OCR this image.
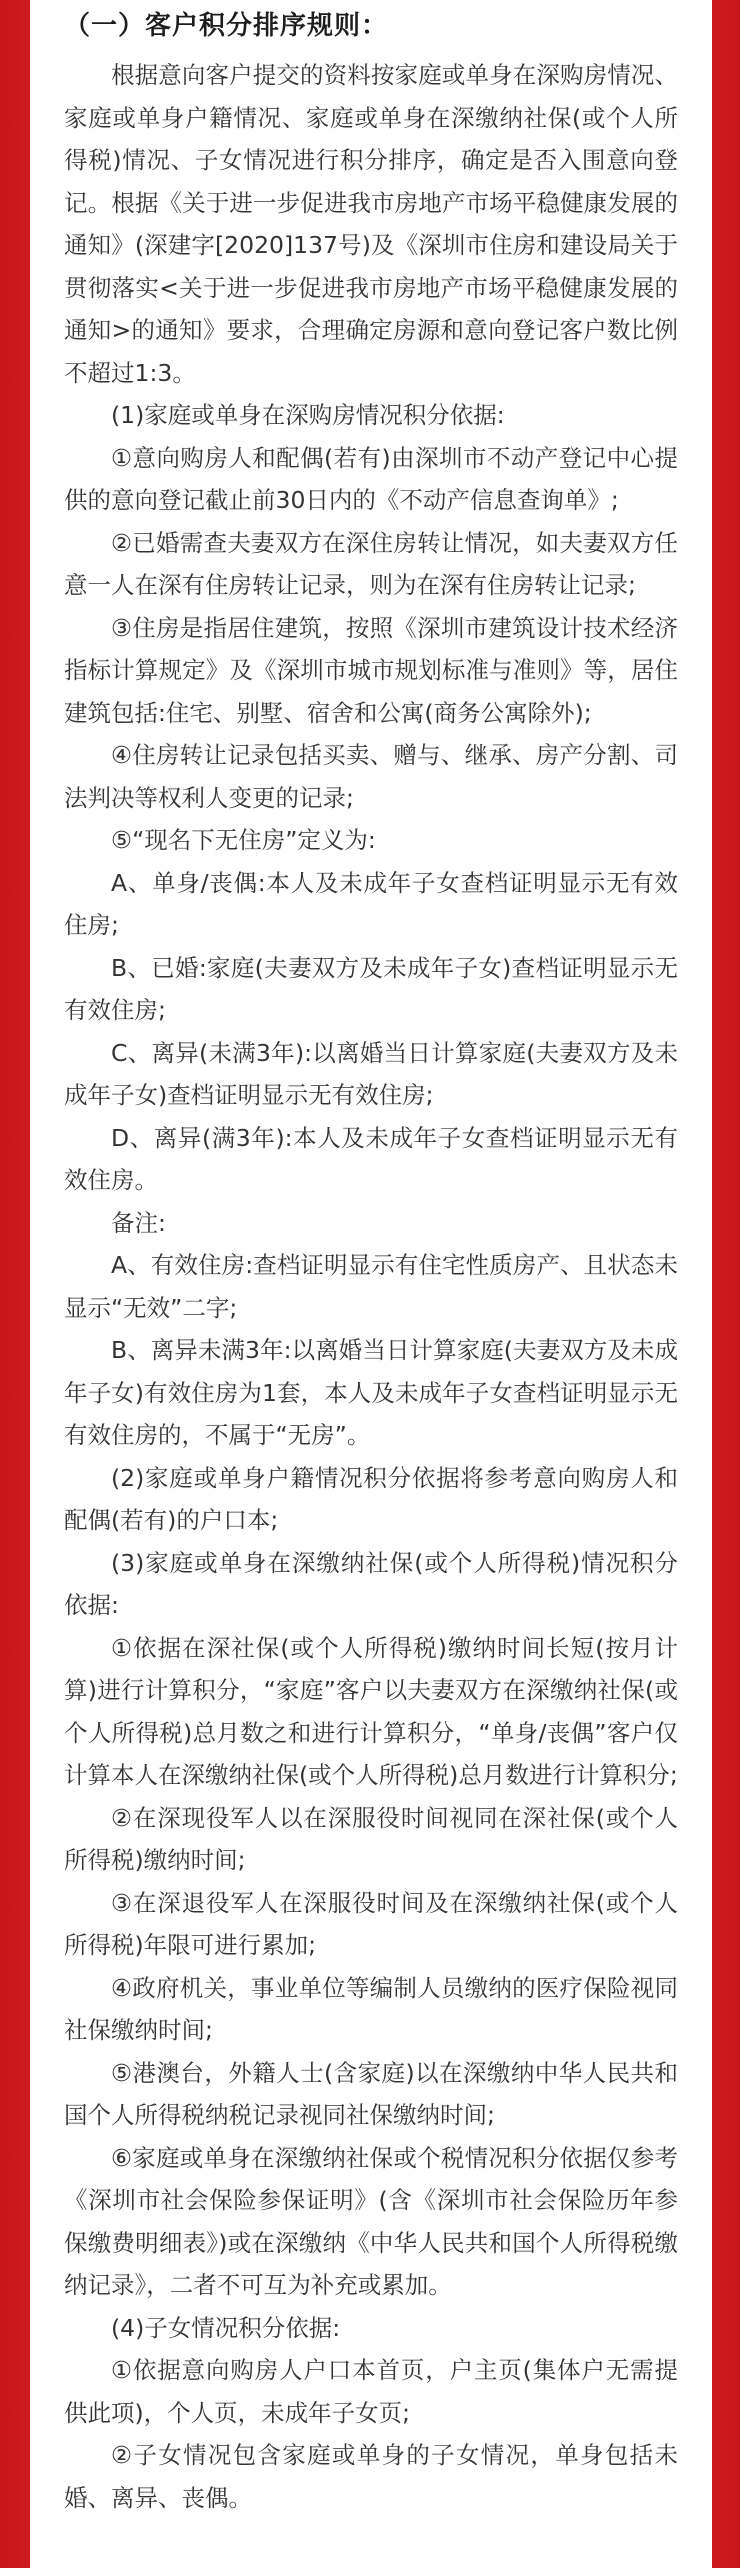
（一）客户积分排序规则：

根据意向客户提交的资料按家庭或单身在深购房情况、家庭或单身户籍情况、家庭或单身在深缴纳社保(或个人所得税)情况、子女情况进行积分排序，确定是否入围意向登记。根据《关于进一步促进我市房地产市场平稳健康发展的通知》(深建字[2020]137号)及《深圳市住房和建设局关于贯彻落实<关于进一步促进我市房地产市场平稳健康发展的通知>的通知》要求，合理确定房源和意向登记客户数比例不超过1:3。

(1)家庭或单身在深购房情况积分依据:

①意向购房人和配偶(若有)由深圳市不动产登记中心提供的意向登记截止前30日内的《不动产信息查询单》;

②已婚需查夫妻双方在深住房转让情况，如夫妻双方任意一人在深有住房转让记录，则为在深有住房转让记录;

③住房是指居住建筑，按照《深圳市建筑设计技术经济指标计算规定》及《深圳市城市规划标准与准则》等，居住建筑包括:住宅、别墅、宿舍和公寓(商务公寓除外);

④住房转让记录包括买卖、赠与、继承、房产分割、司法判决等权利人变更的记录;

⑤“现名下无住房”定义为:

A、单身/丧偶:本人及未成年子女查档证明显示无有效住房;

B、已婚:家庭(夫妻双方及未成年子女)查档证明显示无有效住房;

C、离异(未满3年):以离婚当日计算家庭(夫妻双方及未成年子女)查档证明显示无有效住房;

D、离异(满3年):本人及未成年子女查档证明显示无有效住房。

备注:

A、有效住房:查档证明显示有住宅性质房产、且状态未显示“无效”二字;

B、离异未满3年:以离婚当日计算家庭(夫妻双方及未成年子女)有效住房为1套，本人及未成年子女查档证明显示无有效住房的，不属于“无房”。

(2)家庭或单身户籍情况积分依据将参考意向购房人和配偶(若有)的户口本;

(3)家庭或单身在深缴纳社保(或个人所得税)情况积分依据:

①依据在深社保(或个人所得税)缴纳时间长短(按月计算)进行计算积分，“家庭”客户以夫妻双方在深缴纳社保(或个人所得税)总月数之和进行计算积分，“单身/丧偶”客户仅计算本人在深缴纳社保(或个人所得税)总月数进行计算积分;

②在深现役军人以在深服役时间视同在深社保(或个人所得税)缴纳时间;

③在深退役军人在深服役时间及在深缴纳社保(或个人所得税)年限可进行累加;

④政府机关，事业单位等编制人员缴纳的医疗保险视同社保缴纳时间;

⑤港澳台，外籍人士(含家庭)以在深缴纳中华人民共和国个人所得税纳税记录视同社保缴纳时间;

⑥家庭或单身在深缴纳社保或个税情况积分依据仅参考《深圳市社会保险参保证明》(含《深圳市社会保险历年参保缴费明细表》)或在深缴纳《中华人民共和国个人所得税缴纳记录》，二者不可互为补充或累加。

(4)子女情况积分依据:

①依据意向购房人户口本首页，户主页(集体户无需提供此项)，个人页，未成年子女页;

②子女情况包含家庭或单身的子女情况，单身包括未婚、离异、丧偶。
